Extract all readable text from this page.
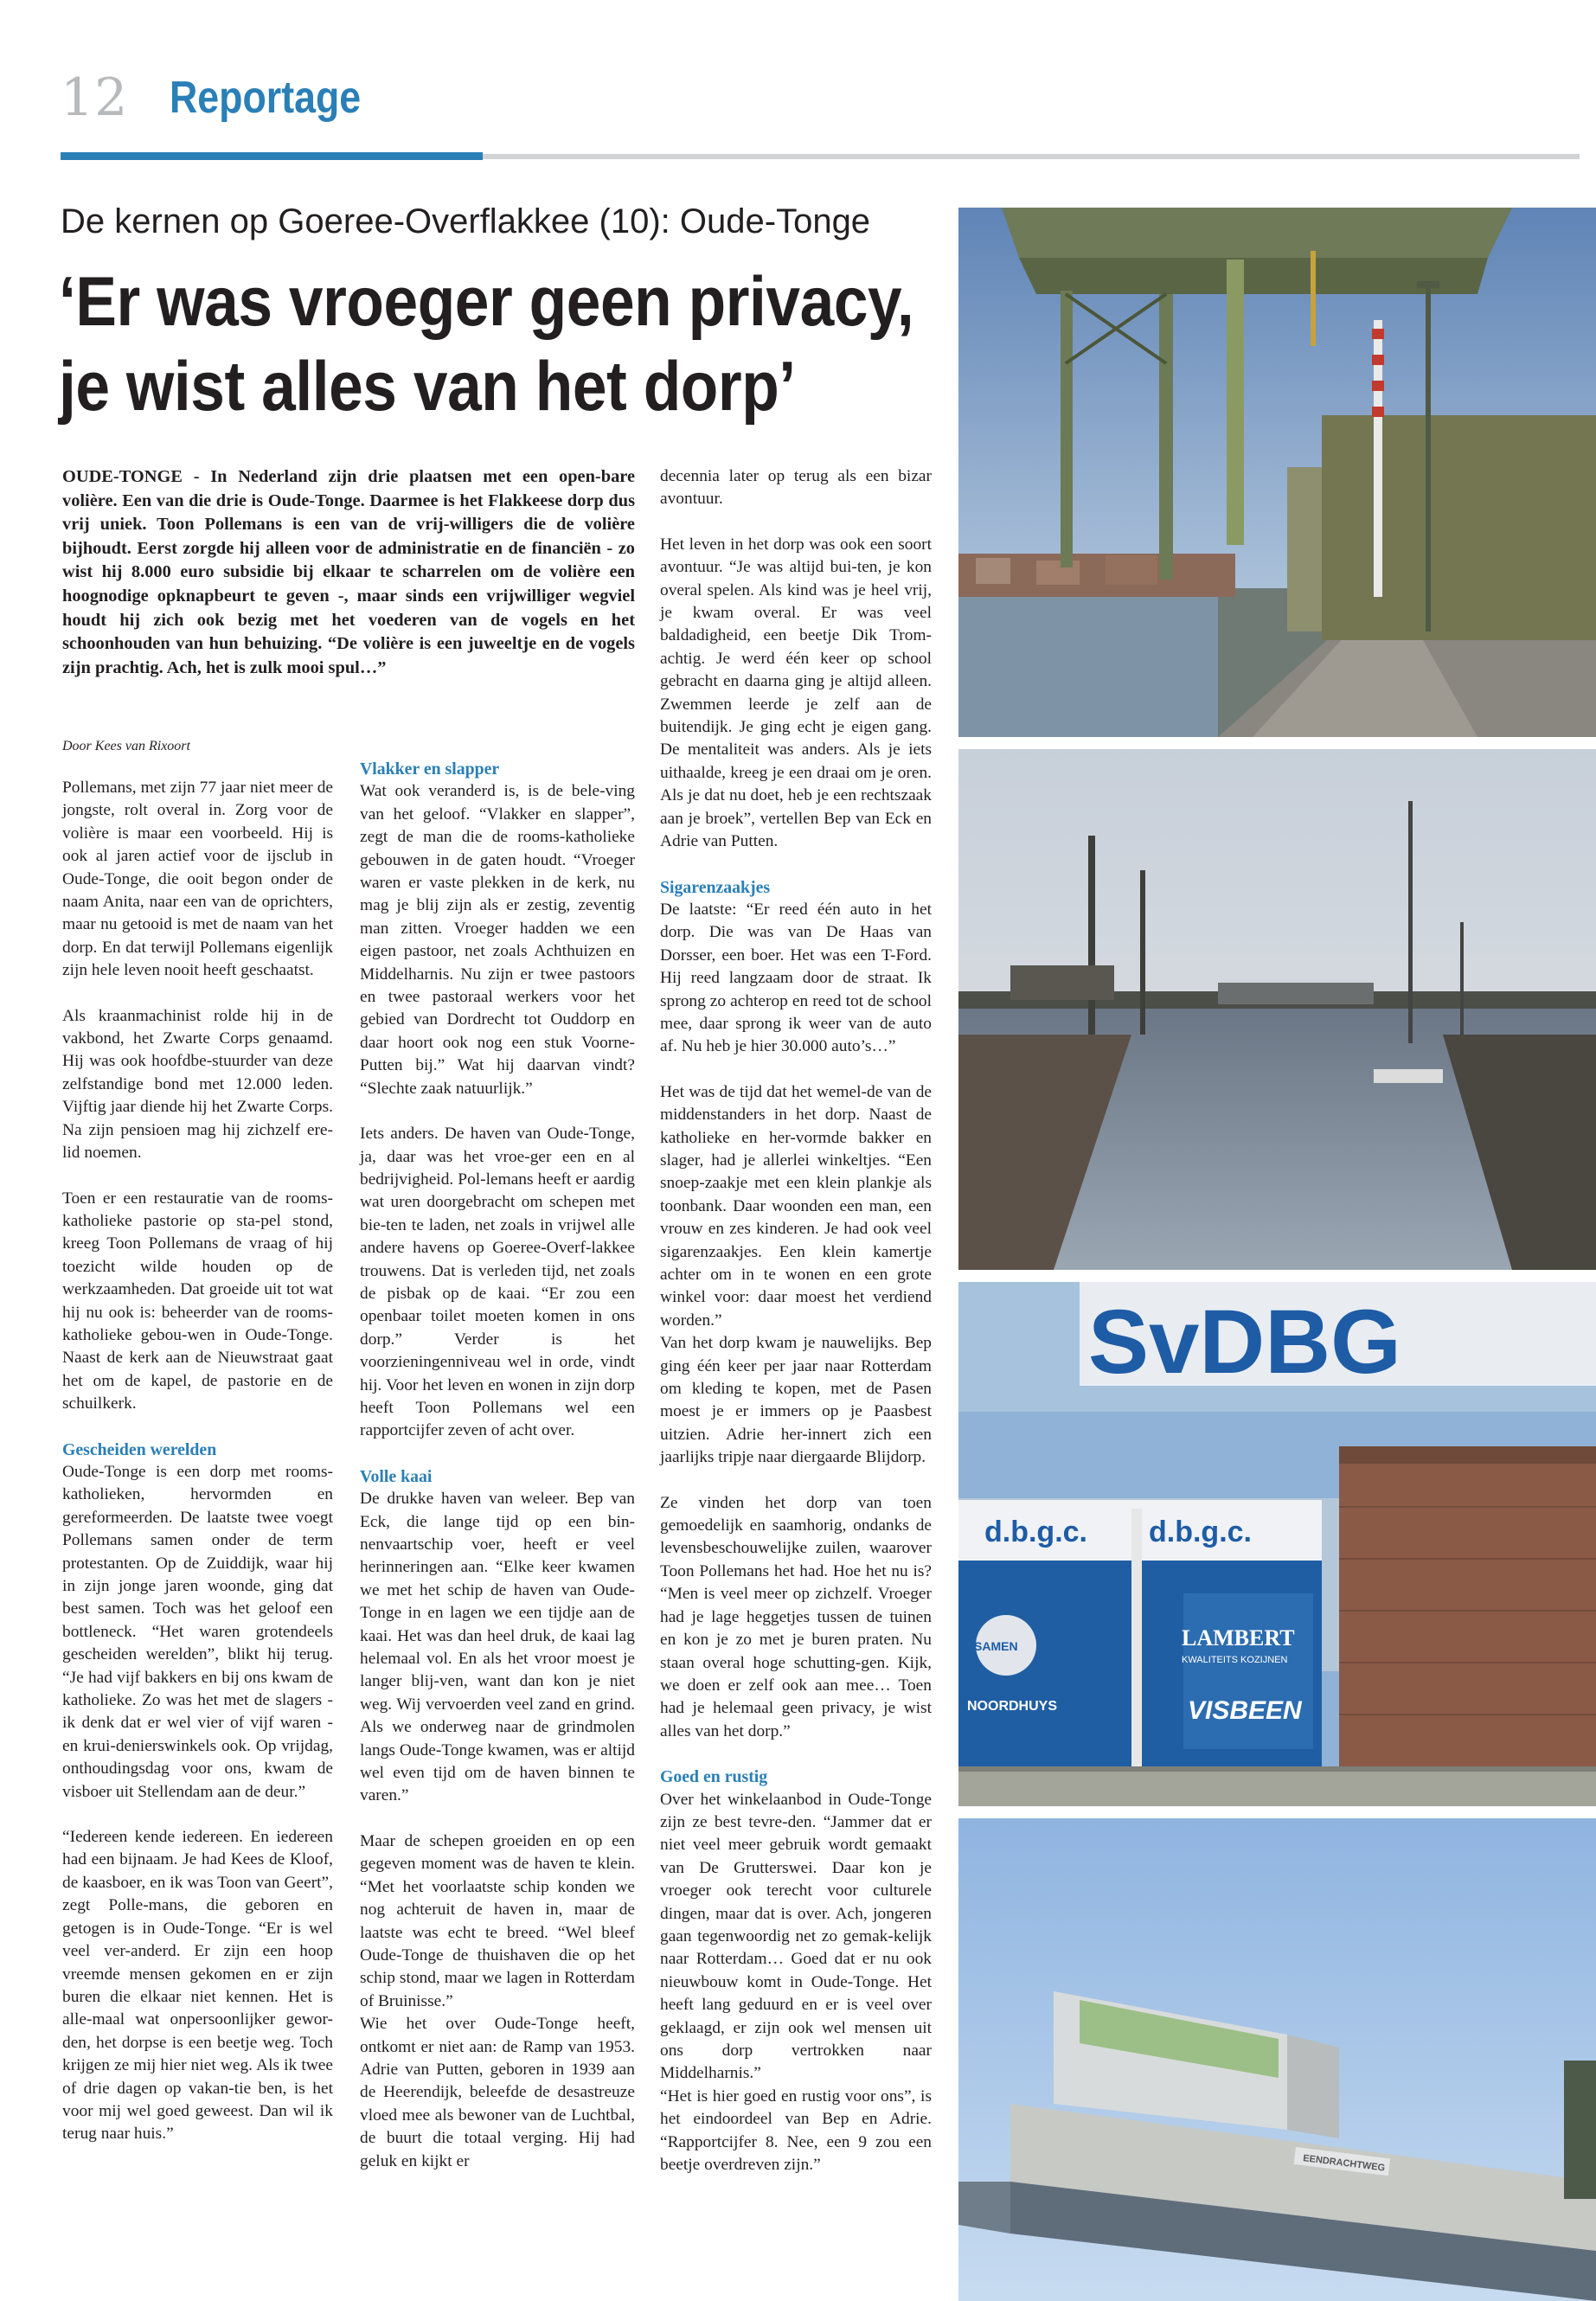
12 Reportage
De kernen op Goeree-Overflakkee (10): Oude-Tonge
‘Er was vroeger geen privacy,
je wist alles van het dorp’
OUDE-TONGE - In Nederland zijn drie plaatsen met een open-bare volière. Een van die drie is Oude-Tonge. Daarmee is het Flakkeese dorp dus vrij uniek. Toon Pollemans is een van de vrij-willigers die de volière bijhoudt. Eerst zorgde hij alleen voor de administratie en de financiën - zo wist hij 8.000 euro subsidie bij elkaar te scharrelen om de volière een hoognodige opknapbeurt te geven -, maar sinds een vrijwilliger wegviel houdt hij zich ook bezig met het voederen van de vogels en het schoonhouden van hun behuizing. “De volière is een juweeltje en de vogels zijn prachtig. Ach, het is zulk mooi spul…”
Door Kees van Rixoort

Pollemans, met zijn 77 jaar niet meer de jongste, rolt overal in. Zorg voor de volière is maar een voorbeeld. Hij is ook al jaren actief voor de ijsclub in Oude-Tonge, die ooit begon onder de naam Anita, naar een van de oprichters, maar nu getooid is met de naam van het dorp. En dat terwijl Pollemans eigenlijk zijn hele leven nooit heeft geschaatst.

Als kraanmachinist rolde hij in de vakbond, het Zwarte Corps genaamd. Hij was ook hoofdbe-stuurder van deze zelfstandige bond met 12.000 leden. Vijftig jaar diende hij het Zwarte Corps. Na zijn pensioen mag hij zichzelf ere-lid noemen.

Toen er een restauratie van de rooms-katholieke pastorie op sta-pel stond, kreeg Toon Pollemans de vraag of hij toezicht wilde houden op de werkzaamheden. Dat groeide uit tot wat hij nu ook is: beheerder van de rooms-katholieke gebou-wen in Oude-Tonge. Naast de kerk aan de Nieuwstraat gaat het om de kapel, de pastorie en de schuilkerk.

Gescheiden werelden

Oude-Tonge is een dorp met rooms-katholieken, hervormden en gereformeerden. De laatste twee voegt Pollemans samen onder de term protestanten. Op de Zuiddijk, waar hij in zijn jonge jaren woonde, ging dat best samen. Toch was het geloof een bottleneck. “Het waren grotendeels gescheiden werelden”, blikt hij terug. “Je had vijf bakkers en bij ons kwam de katholieke. Zo was het met de slagers - ik denk dat er wel vier of vijf waren - en krui-denierswinkels ook. Op vrijdag, onthoudingsdag voor ons, kwam de visboer uit Stellendam aan de deur.”

“Iedereen kende iedereen. En iedereen had een bijnaam. Je had Kees de Kloof, de kaasboer, en ik was Toon van Geert”, zegt Polle-mans, die geboren en getogen is in Oude-Tonge. “Er is wel veel ver-anderd. Er zijn een hoop vreemde mensen gekomen en er zijn buren die elkaar niet kennen. Het is alle-maal wat onpersoonlijker gewor-den, het dorpse is een beetje weg. Toch krijgen ze mij hier niet weg. Als ik twee of drie dagen op vakan-tie ben, is het voor mij wel goed geweest. Dan wil ik terug naar huis.”

Vlakker en slapper

Wat ook veranderd is, is de bele-ving van het geloof. “Vlakker en slapper”, zegt de man die de rooms-katholieke gebouwen in de gaten houdt. “Vroeger waren er vaste plekken in de kerk, nu mag je blij zijn als er zestig, zeventig man zitten. Vroeger hadden we een eigen pastoor, net zoals Achthuizen en Middelharnis. Nu zijn er twee pastoors en twee pastoraal werkers voor het gebied van Dordrecht tot Ouddorp en daar hoort ook nog een stuk Voorne-Putten bij.” Wat hij daarvan vindt? “Slechte zaak natuurlijk.”

Iets anders. De haven van Oude-Tonge, ja, daar was het vroe-ger een en al bedrijvigheid. Pol-lemans heeft er aardig wat uren doorgebracht om schepen met bie-ten te laden, net zoals in vrijwel alle andere havens op Goeree-Overf-lakkee trouwens. Dat is verleden tijd, net zoals de pisbak op de kaai. “Er zou een openbaar toilet moeten komen in ons dorp.” Verder is het voorzieningenniveau wel in orde, vindt hij. Voor het leven en wonen in zijn dorp heeft Toon Pollemans wel een rapportcijfer zeven of acht over.

Volle kaai

De drukke haven van weleer. Bep van Eck, die lange tijd op een bin-nenvaartschip voer, heeft er veel herinneringen aan. “Elke keer kwamen we met het schip de haven van Oude-Tonge in en lagen we een tijdje aan de kaai. Het was dan heel druk, de kaai lag helemaal vol. En als het vroor moest je langer blij-ven, want dan kon je niet weg. Wij vervoerden veel zand en grind. Als we onderweg naar de grindmolen langs Oude-Tonge kwamen, was er altijd wel even tijd om de haven binnen te varen.”

Maar de schepen groeiden en op een gegeven moment was de haven te klein. “Met het voorlaatste schip konden we nog achteruit de haven in, maar de laatste was echt te breed. “Wel bleef Oude-Tonge de thuishaven die op het schip stond, maar we lagen in Rotterdam of Bruinisse.”

Wie het over Oude-Tonge heeft, ontkomt er niet aan: de Ramp van 1953. Adrie van Putten, geboren in 1939 aan de Heerendijk, beleefde de desastreuze vloed mee als bewoner van de Luchtbal, de buurt die totaal verging. Hij had geluk en kijkt er

decennia later op terug als een bizar avontuur.

Het leven in het dorp was ook een soort avontuur. “Je was altijd bui-ten, je kon overal spelen. Als kind was je heel vrij, je kwam overal. Er was veel baldadigheid, een beetje Dik Trom-achtig. Je werd één keer op school gebracht en daarna ging je altijd alleen. Zwemmen leerde je zelf aan de buitendijk. Je ging echt je eigen gang. De mentaliteit was anders. Als je iets uithaalde, kreeg je een draai om je oren. Als je dat nu doet, heb je een rechtszaak aan je broek”, vertellen Bep van Eck en Adrie van Putten.

Sigarenzaakjes

De laatste: “Er reed één auto in het dorp. Die was van De Haas van Dorsser, een boer. Het was een T-Ford. Hij reed langzaam door de straat. Ik sprong zo achterop en reed tot de school mee, daar sprong ik weer van de auto af. Nu heb je hier 30.000 auto’s…”

Het was de tijd dat het wemel-de van de middenstanders in het dorp. Naast de katholieke en her-vormde bakker en slager, had je allerlei winkeltjes. “Een snoep-zaakje met een klein plankje als toonbank. Daar woonden een man, een vrouw en zes kinderen. Je had ook veel sigarenzaakjes. Een klein kamertje achter om in te wonen en een grote winkel voor: daar moest het verdiend worden.”

Van het dorp kwam je nauwelijks. Bep ging één keer per jaar naar Rotterdam om kleding te kopen, met de Pasen moest je er immers op je Paasbest uitzien. Adrie her-innert zich een jaarlijks tripje naar diergaarde Blijdorp.

Ze vinden het dorp van toen gemoedelijk en saamhorig, ondanks de levensbeschouwelijke zuilen, waarover Toon Pollemans het had. Hoe het nu is? “Men is veel meer op zichzelf. Vroeger had je lage heggetjes tussen de tuinen en kon je zo met je buren praten. Nu staan overal hoge schutting-gen. Kijk, we doen er zelf ook aan mee… Toen had je helemaal geen privacy, je wist alles van het dorp.”

Goed en rustig

Over het winkelaanbod in Oude-Tonge zijn ze best tevre-den. “Jammer dat er niet veel meer gebruik wordt gemaakt van De Grutterswei. Daar kon je vroeger ook terecht voor culturele dingen, maar dat is over. Ach, jongeren gaan tegenwoordig net zo gemak-kelijk naar Rotterdam… Goed dat er nu ook nieuwbouw komt in Oude-Tonge. Het heeft lang geduurd en er is veel over geklaagd, er zijn ook wel mensen uit ons dorp vertrokken naar Middelharnis.”

“Het is hier goed en rustig voor ons”, is het eindoordeel van Bep en Adrie. “Rapportcijfer 8. Nee, een 9 zou een beetje overdreven zijn.”

SvDBG
d.b.g.c. d.b.g.c.
SAMEN
NOORDHUYS
LAMBERT
KWALITEITS KOZIJNEN
VISBEEN
EENDRACHTWEG
